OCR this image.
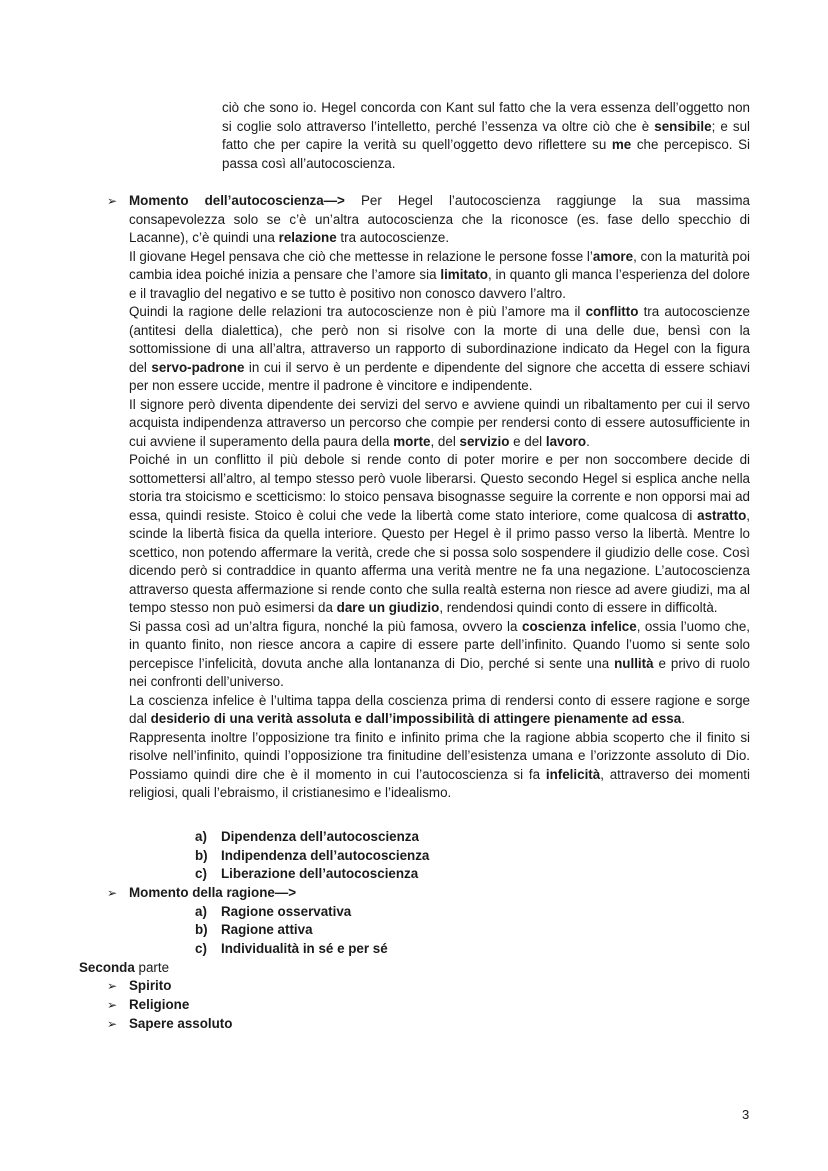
ciò che sono io. Hegel concorda con Kant sul fatto che la vera essenza dell’oggetto non si coglie solo attraverso l’intelletto, perché l’essenza va oltre ciò che è sensibile; e sul fatto che per capire la verità su quell’oggetto devo riflettere su me che percepisco. Si passa così all’autocoscienza.

➢ Momento dell’autocoscienza—> Per Hegel l’autocoscienza raggiunge la sua massima consapevolezza solo se c’è un’altra autocoscienza che la riconosce (es. fase dello specchio di Lacanne), c’è quindi una relazione tra autocoscienze.

Il giovane Hegel pensava che ciò che mettesse in relazione le persone fosse l’amore, con la maturità poi cambia idea poiché inizia a pensare che l’amore sia limitato, in quanto gli manca l’esperienza del dolore e il travaglio del negativo e se tutto è positivo non conosco davvero l’altro.

Quindi la ragione delle relazioni tra autocoscienze non è più l’amore ma il conflitto tra autocoscienze (antitesi della dialettica), che però non si risolve con la morte di una delle due, bensì con la sottomissione di una all’altra, attraverso un rapporto di subordinazione indicato da Hegel con la figura del servo-padrone in cui il servo è un perdente e dipendente del signore che accetta di essere schiavi per non essere uccide, mentre il padrone è vincitore e indipendente.

Il signore però diventa dipendente dei servizi del servo e avviene quindi un ribaltamento per cui il servo acquista indipendenza attraverso un percorso che compie per rendersi conto di essere autosufficiente in cui avviene il superamento della paura della morte, del servizio e del lavoro.

Poiché in un conflitto il più debole si rende conto di poter morire e per non soccombere decide di sottomettersi all’altro, al tempo stesso però vuole liberarsi. Questo secondo Hegel si esplica anche nella storia tra stoicismo e scetticismo: lo stoico pensava bisognasse seguire la corrente e non opporsi mai ad essa, quindi resiste. Stoico è colui che vede la libertà come stato interiore, come qualcosa di astratto, scinde la libertà fisica da quella interiore. Questo per Hegel è il primo passo verso la libertà. Mentre lo scettico, non potendo affermare la verità, crede che si possa solo sospendere il giudizio delle cose. Così dicendo però si contraddice in quanto afferma una verità mentre ne fa una negazione. L’autocoscienza attraverso questa affermazione si rende conto che sulla realtà esterna non riesce ad avere giudizi, ma al tempo stesso non può esimersi da dare un giudizio, rendendosi quindi conto di essere in difficoltà.

Si passa così ad un’altra figura, nonché la più famosa, ovvero la coscienza infelice, ossia l’uomo che, in quanto finito, non riesce ancora a capire di essere parte dell’infinito. Quando l’uomo si sente solo percepisce l’infelicità, dovuta anche alla lontananza di Dio, perché si sente una nullità e privo di ruolo nei confronti dell’universo.

La coscienza infelice è l’ultima tappa della coscienza prima di rendersi conto di essere ragione e sorge dal desiderio di una verità assoluta e dall’impossibilità di attingere pienamente ad essa.

Rappresenta inoltre l’opposizione tra finito e infinito prima che la ragione abbia scoperto che il finito si risolve nell’infinito, quindi l’opposizione tra finitudine dell’esistenza umana e l’orizzonte assoluto di Dio. Possiamo quindi dire che è il momento in cui l’autocoscienza si fa infelicità, attraverso dei momenti religiosi, quali l’ebraismo, il cristianesimo e l’idealismo.

a) Dipendenza dell’autocoscienza
b) Indipendenza dell’autocoscienza
c) Liberazione dell’autocoscienza
➢ Momento della ragione—>
a) Ragione osservativa
b) Ragione attiva
c) Individualità in sé e per sé
Seconda parte
➢ Spirito
➢ Religione
➢ Sapere assoluto
3
